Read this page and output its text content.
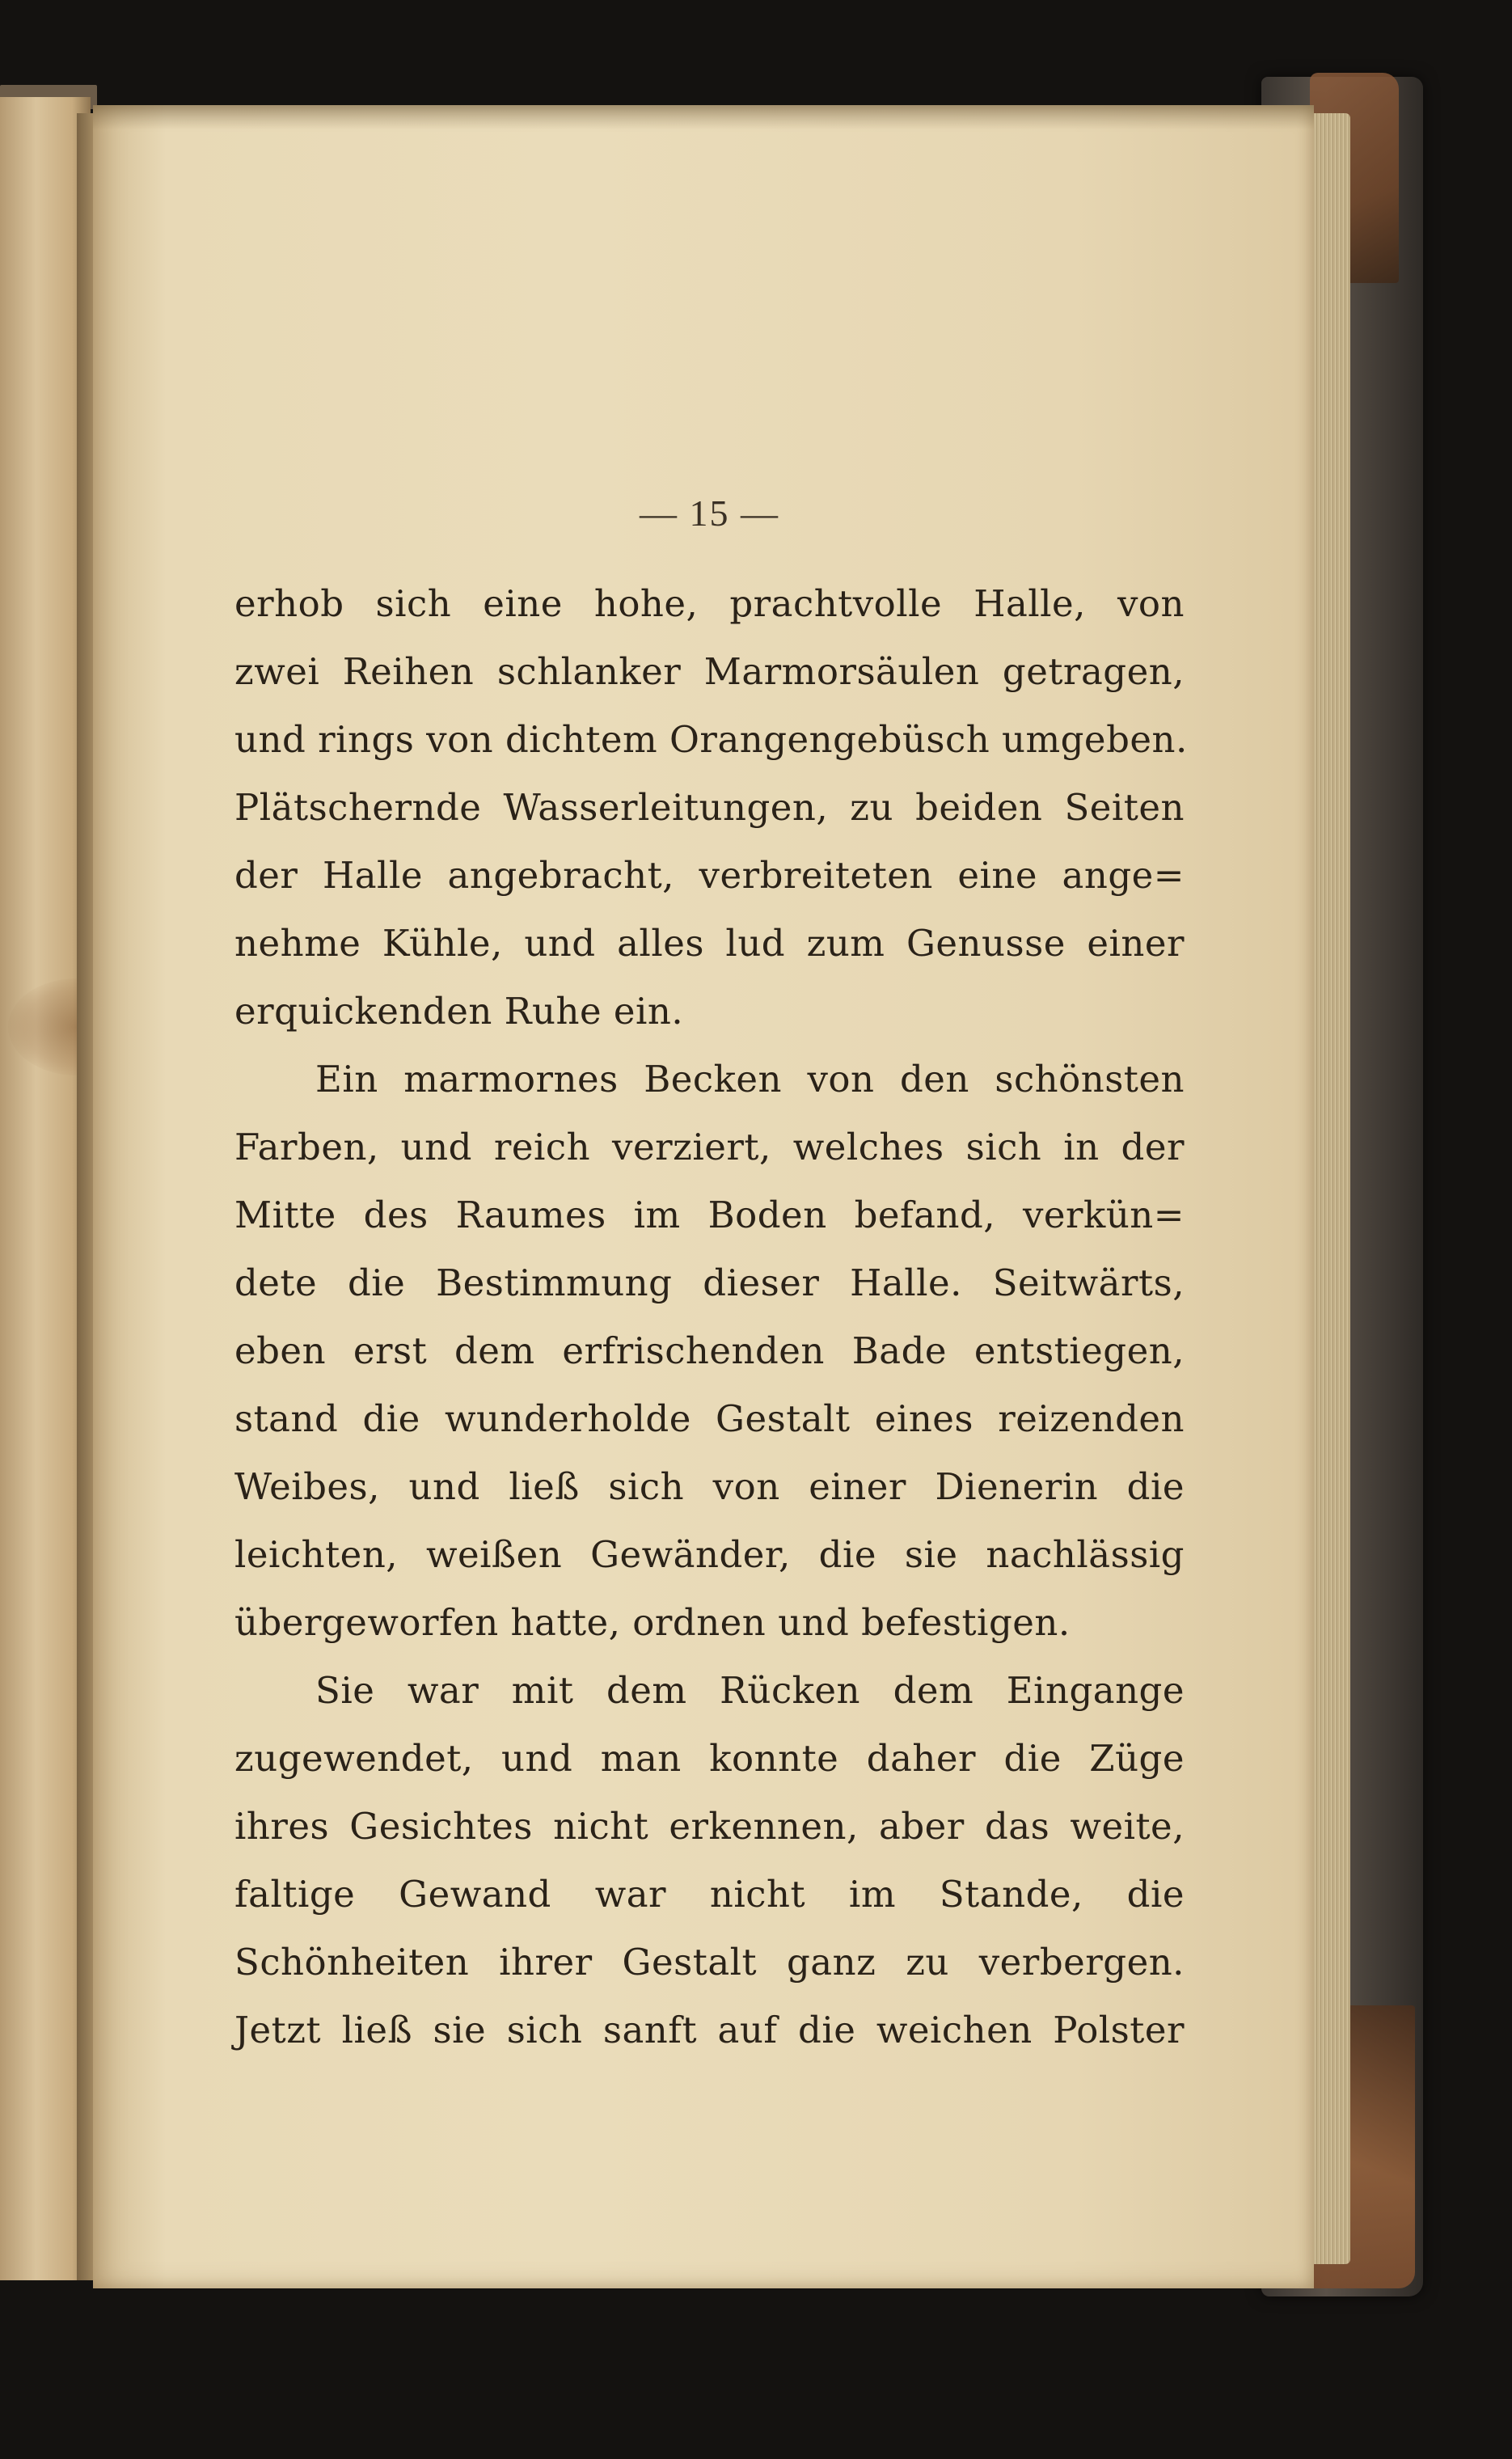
— 15 —
erhob sich eine hohe, prachtvolle Halle, von
zwei Reihen schlanker Marmorsäulen getragen,
und rings von dichtem Orangengebüsch umgeben.
Plätschernde Wasserleitungen, zu beiden Seiten
der Halle angebracht, verbreiteten eine ange=
nehme Kühle, und alles lud zum Genusse einer
erquickenden Ruhe ein.
Ein marmornes Becken von den schönsten
Farben, und reich verziert, welches sich in der
Mitte des Raumes im Boden befand, verkün=
dete die Bestimmung dieser Halle. Seitwärts,
eben erst dem erfrischenden Bade entstiegen,
stand die wunderholde Gestalt eines reizenden
Weibes, und ließ sich von einer Dienerin die
leichten, weißen Gewänder, die sie nachlässig
übergeworfen hatte, ordnen und befestigen.
Sie war mit dem Rücken dem Eingange
zugewendet, und man konnte daher die Züge
ihres Gesichtes nicht erkennen, aber das weite,
faltige Gewand war nicht im Stande, die
Schönheiten ihrer Gestalt ganz zu verbergen.
Jetzt ließ sie sich sanft auf die weichen Polster
